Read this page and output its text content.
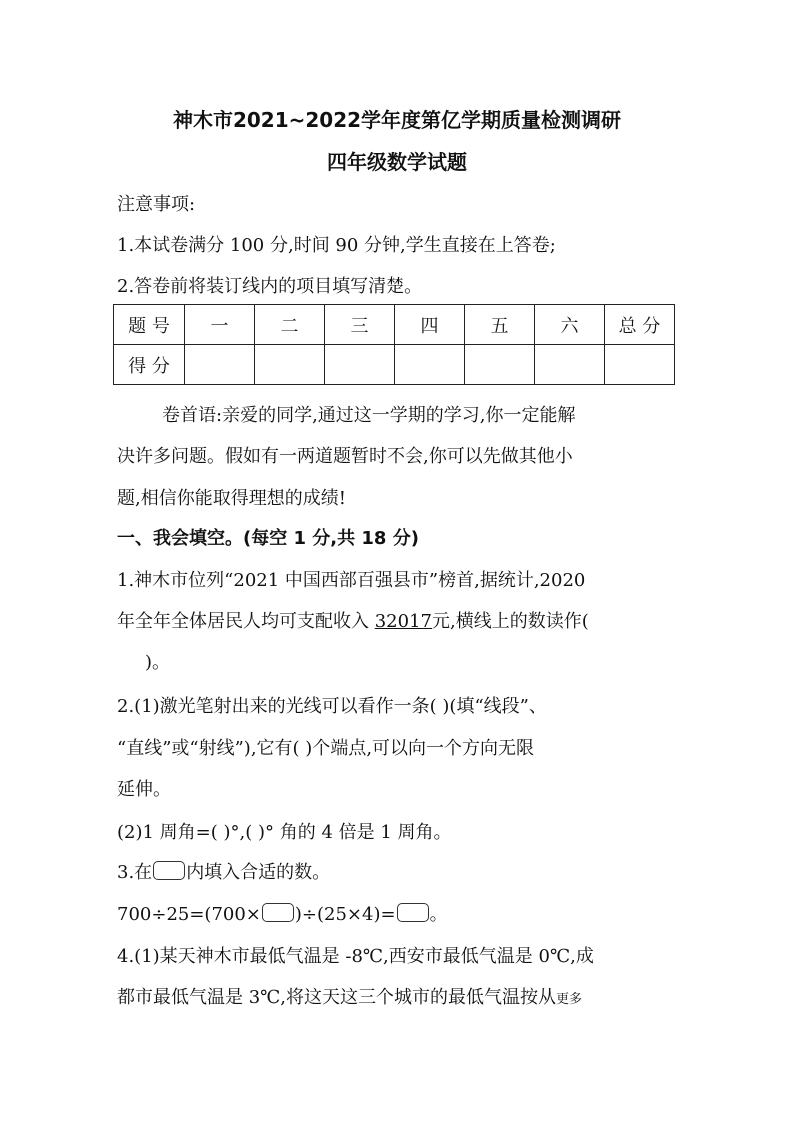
神木市2021~2022学年度第亿学期质量检测调研
四年级数学试题
注意事项:
1.本试卷满分 100 分,时间 90 分钟,学生直接在上答卷;
2.答卷前将装订线内的项目填写清楚。
题 号	一	二	三	四	五	六	总 分
得 分							
卷首语:亲爱的同学,通过这一学期的学习,你一定能解
决许多问题。假如有一两道题暂时不会,你可以先做其他小
题,相信你能取得理想的成绩!
一、我会填空。(每空 1 分,共 18 分)
1.神木市位列“2021 中国西部百强县市”榜首,据统计,2020
年全年全体居民人均可支配收入 32017元,横线上的数读作(
)。
2.(1)激光笔射出来的光线可以看作一条( )(填“线段”、
“直线”或“射线”),它有( )个端点,可以向一个方向无限
延伸。
(2)1 周角=( )°,( )° 角的 4 倍是 1 周角。
3.在 内填入合适的数。
700÷25=(700× )÷(25×4)= 。
4.(1)某天神木市最低气温是 -8℃,西安市最低气温是 0℃,成
都市最低气温是 3℃,将这天这三个城市的最低气温按从更多
